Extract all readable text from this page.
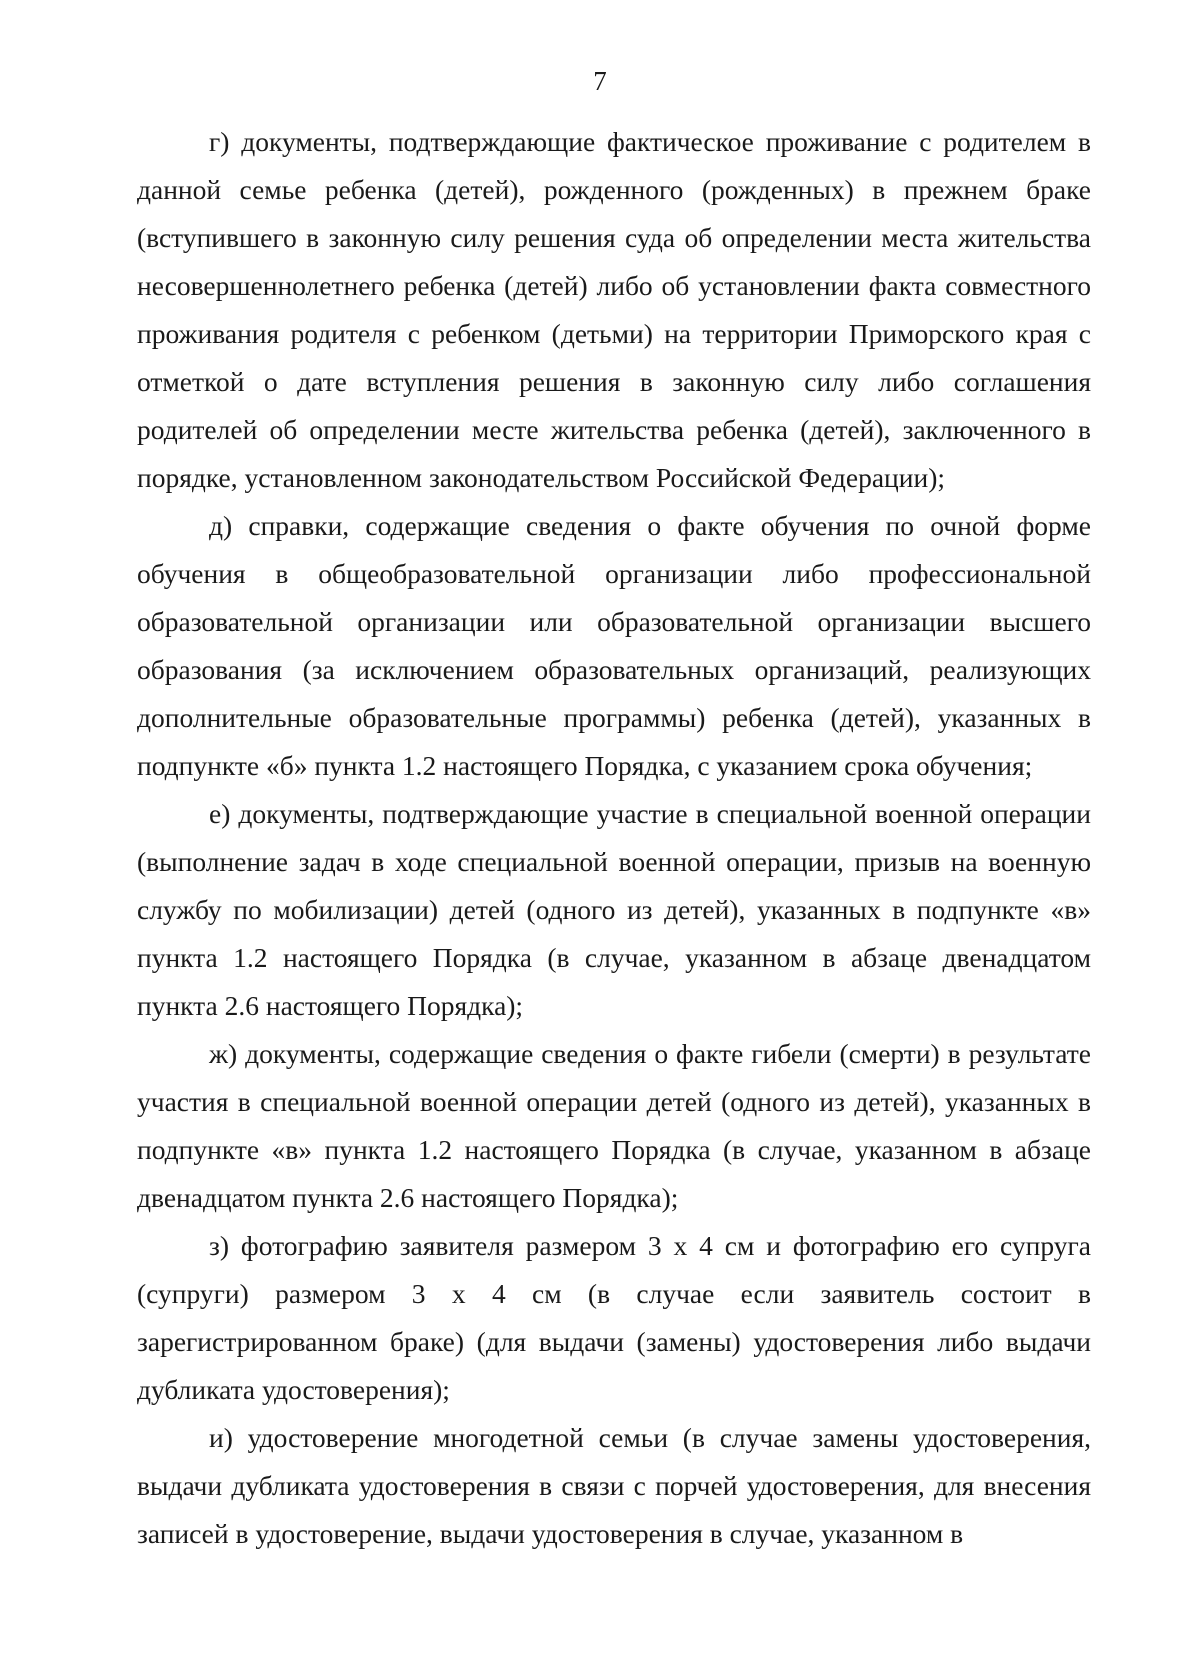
7

г) документы, подтверждающие фактическое проживание с родителем в данной семье ребенка (детей), рожденного (рожденных) в прежнем браке (вступившего в законную силу решения суда об определении места жительства несовершеннолетнего ребенка (детей) либо об установлении факта совместного проживания родителя с ребенком (детьми) на территории Приморского края с отметкой о дате вступления решения в законную силу либо соглашения родителей об определении месте жительства ребенка (детей), заключенного в порядке, установленном законодательством Российской Федерации);

д) справки, содержащие сведения о факте обучения по очной форме обучения в общеобразовательной организации либо профессиональной образовательной организации или образовательной организации высшего образования (за исключением образовательных организаций, реализующих дополнительные образовательные программы) ребенка (детей), указанных в подпункте «б» пункта 1.2 настоящего Порядка, с указанием срока обучения;

е) документы, подтверждающие участие в специальной военной операции (выполнение задач в ходе специальной военной операции, призыв на военную службу по мобилизации) детей (одного из детей), указанных в подпункте «в» пункта 1.2 настоящего Порядка (в случае, указанном в абзаце двенадцатом пункта 2.6 настоящего Порядка);

ж) документы, содержащие сведения о факте гибели (смерти) в результате участия в специальной военной операции детей (одного из детей), указанных в подпункте «в» пункта 1.2 настоящего Порядка (в случае, указанном в абзаце двенадцатом пункта 2.6 настоящего Порядка);

з) фотографию заявителя размером 3 х 4 см и фотографию его супруга (супруги) размером 3 х 4 см (в случае если заявитель состоит в зарегистрированном браке) (для выдачи (замены) удостоверения либо выдачи дубликата удостоверения);

и) удостоверение многодетной семьи (в случае замены удостоверения, выдачи дубликата удостоверения в связи с порчей удостоверения, для внесения записей в удостоверение, выдачи удостоверения в случае, указанном в
